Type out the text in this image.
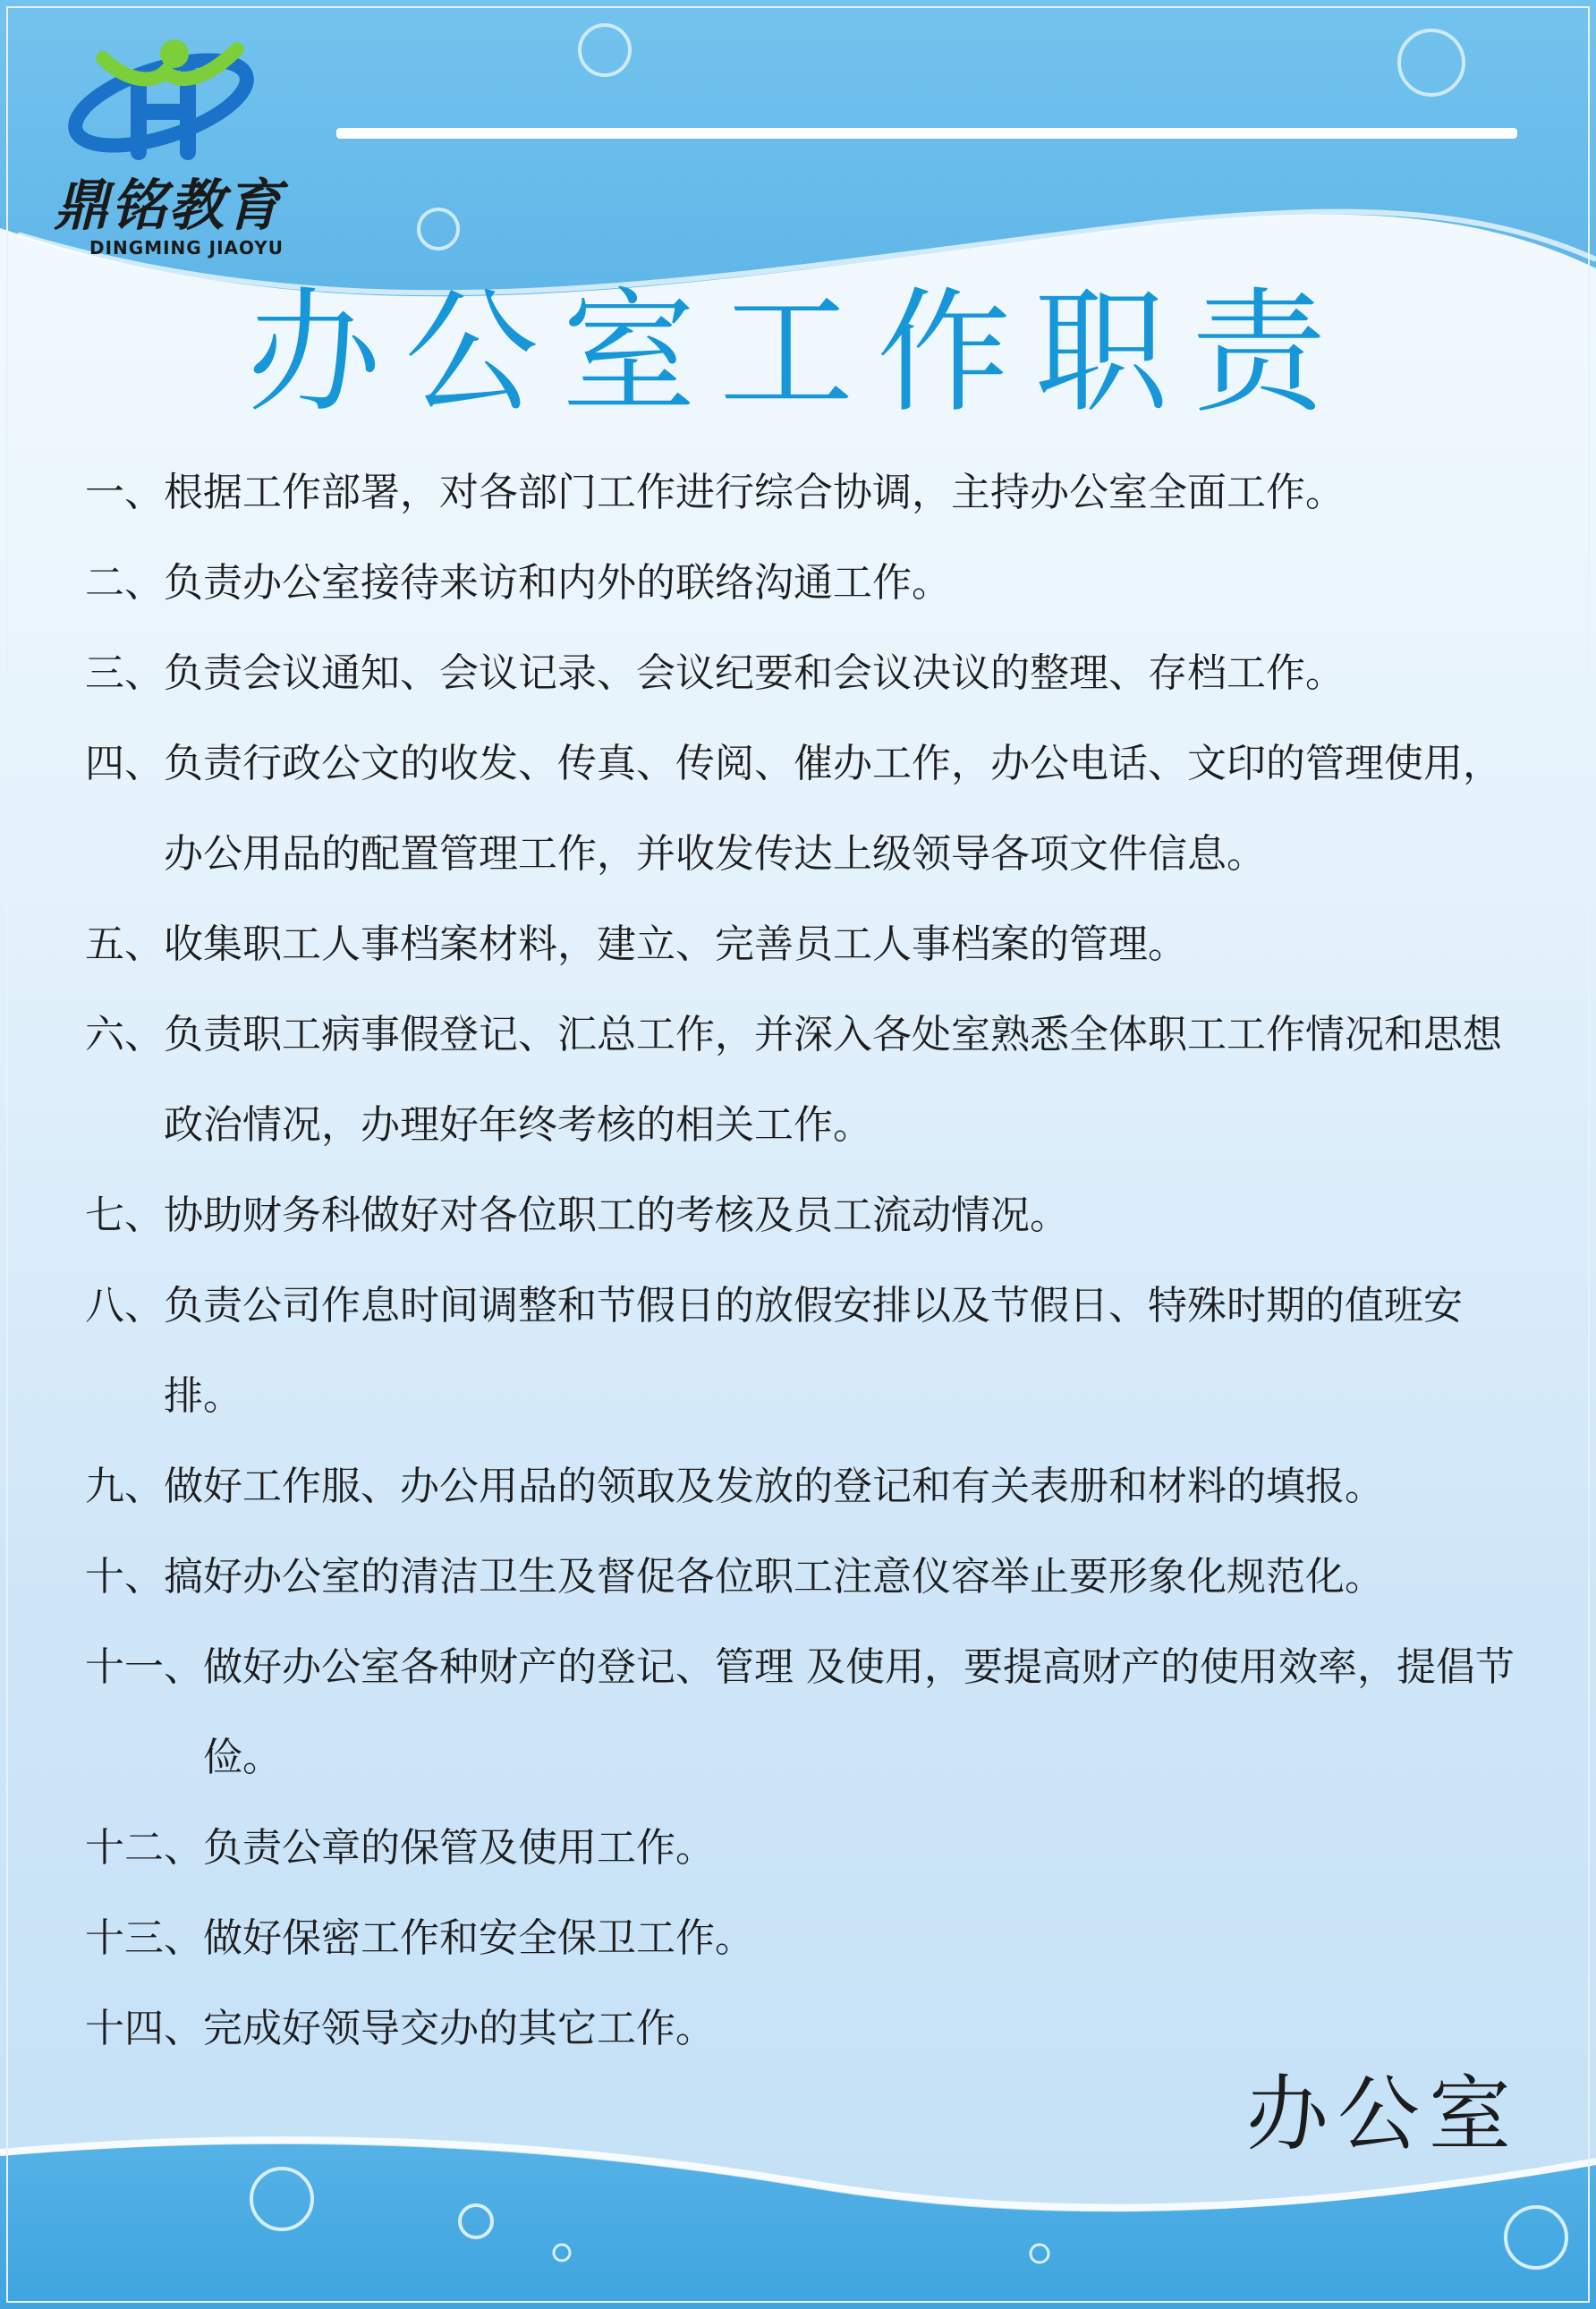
鼎铭教育
DINGMING JIAOYU
办公室工作职责
一、 根据工作部署，对各部门工作进行综合协调，主持办公室全面工作。
二、 负责办公室接待来访和内外的联络沟通工作。
三、 负责会议通知、会议记录、会议纪要和会议决议的整理、存档工作。
四、 负责行政公文的收发、传真、传阅、催办工作，办公电话、文印的管理使用，办公用品的配置管理工作，并收发传达上级领导各项文件信息。
五、 收集职工人事档案材料，建立、完善员工人事档案的管理。
六、 负责职工病事假登记、汇总工作，并深入各处室熟悉全体职工工作情况和思想政治情况，办理好年终考核的相关工作。
七、 协助财务科做好对各位职工的考核及员工流动情况。
八、 负责公司作息时间调整和节假日的放假安排以及节假日、特殊时期的值班安排。
九、 做好工作服、办公用品的领取及发放的登记和有关表册和材料的填报。
十、 搞好办公室的清洁卫生及督促各位职工注意仪容举止要形象化规范化。
十一、 做好办公室各种财产的登记、管理 及使用，要提高财产的使用效率，提倡节俭。
十二、 负责公章的保管及使用工作。
十三、 做好保密工作和安全保卫工作。
十四、 完成好领导交办的其它工作。
办公室
